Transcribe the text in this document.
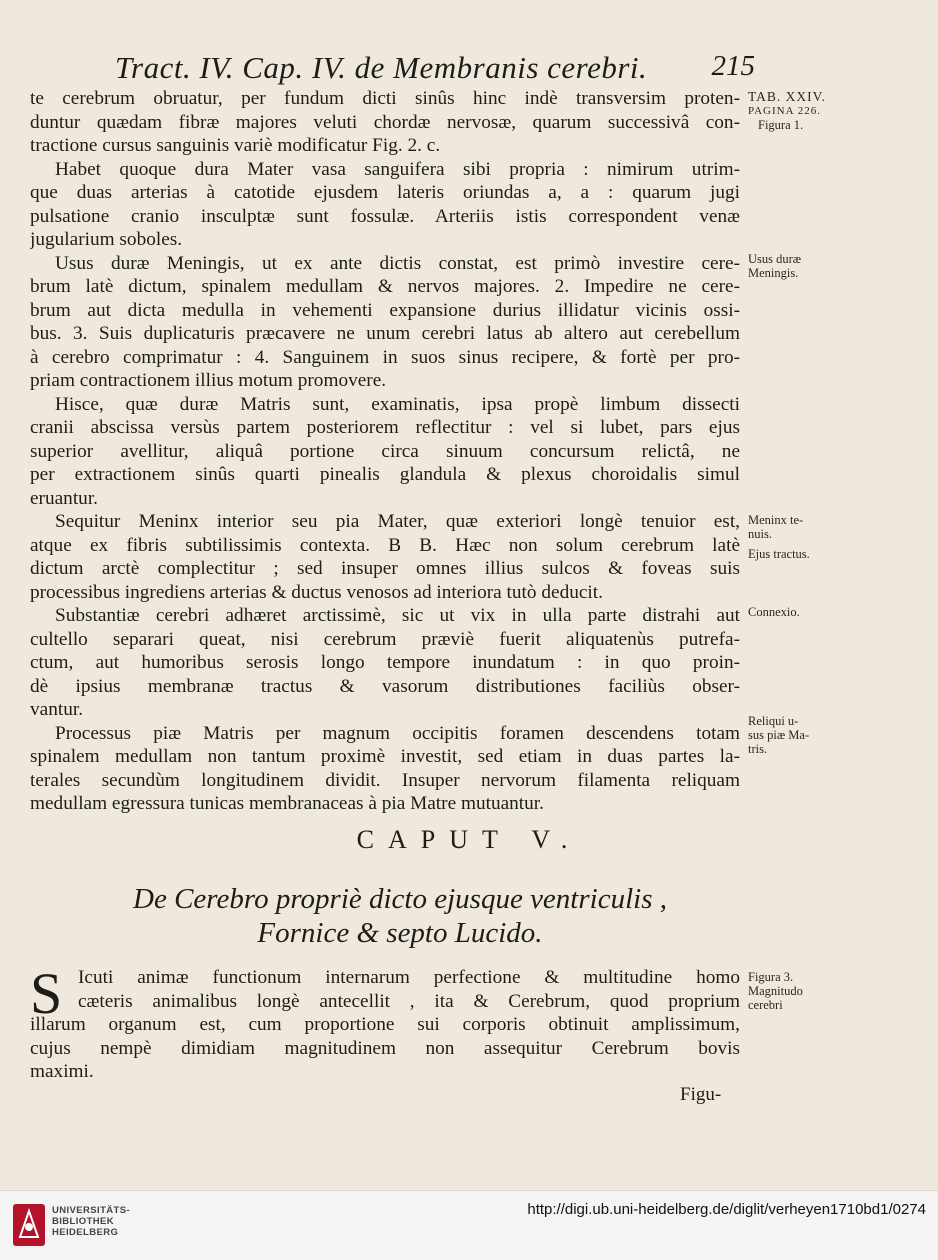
Tract. IV. Cap. IV. de Membranis cerebri. 215
te cerebrum obruatur, per fundum dicti sinûs hinc indè transversim proten-
duntur quædam fibræ majores veluti chordæ nervosæ, quarum successivâ con-
tractione cursus sanguinis variè modificatur Fig. 2. c.
Habet quoque dura Mater vasa sanguifera sibi propria : nimirum utrim-
que duas arterias à catotide ejusdem lateris oriundas a, a : quarum jugi
pulsatione cranio insculptæ sunt fossulæ. Arteriis istis correspondent venæ
jugularium soboles.
Usus duræ Meningis, ut ex ante dictis constat, est primò investire cere-
brum latè dictum, spinalem medullam & nervos majores. 2. Impedire ne cere-
brum aut dicta medulla in vehementi expansione durius illidatur vicinis ossi-
bus. 3. Suis duplicaturis præcavere ne unum cerebri latus ab altero aut cerebellum
à cerebro comprimatur : 4. Sanguinem in suos sinus recipere, & fortè per pro-
priam contractionem illius motum promovere.
Hisce, quæ duræ Matris sunt, examinatis, ipsa propè limbum dissecti
cranii abscissa versùs partem posteriorem reflectitur : vel si lubet, pars ejus
superior avellitur, aliquâ portione circa sinuum concursum relictâ, ne
per extractionem sinûs quarti pinealis glandula & plexus choroidalis simul
eruantur.
Sequitur Meninx interior seu pia Mater, quæ exteriori longè tenuior est,
atque ex fibris subtilissimis contexta. B B. Hæc non solum cerebrum latè
dictum arctè complectitur ; sed insuper omnes illius sulcos & foveas suis
processibus ingrediens arterias & ductus venosos ad interiora tutò deducit.
Substantiæ cerebri adhæret arctissimè, sic ut vix in ulla parte distrahi aut
cultello separari queat, nisi cerebrum præviè fuerit aliquatenùs putrefa-
ctum, aut humoribus serosis longo tempore inundatum : in quo proin-
dè ipsius membranæ tractus & vasorum distributiones faciliùs obser-
vantur.
Processus piæ Matris per magnum occipitis foramen descendens totam
spinalem medullam non tantum proximè investit, sed etiam in duas partes la-
terales secundùm longitudinem dividit. Insuper nervorum filamenta reliquam
medullam egressura tunicas membranaceas à pia Matre mutuantur.
TAB. XXIV.
PAGINA 226.
Figura 1.
Usus duræ
Meningis.
Meninx te-
nuis.
Ejus tractus.
Connexio.
Reliqui u-
sus piæ Ma-
tris.
Figura 3.
Magnitudo
cerebri
CAPUT V.
De Cerebro propriè dicto ejusque ventriculis ,
Fornice & septo Lucido.
S Icuti animæ functionum internarum perfectione & multitudine homo
cæteris animalibus longè antecellit , ita & Cerebrum, quod proprium
illarum organum est, cum proportione sui corporis obtinuit amplissimum,
cujus nempè dimidiam magnitudinem non assequitur Cerebrum bovis
maximi.
Figu-
UNIVERSITÄTS-
BIBLIOTHEK
HEIDELBERG
http://digi.ub.uni-heidelberg.de/diglit/verheyen1710bd1/0274
